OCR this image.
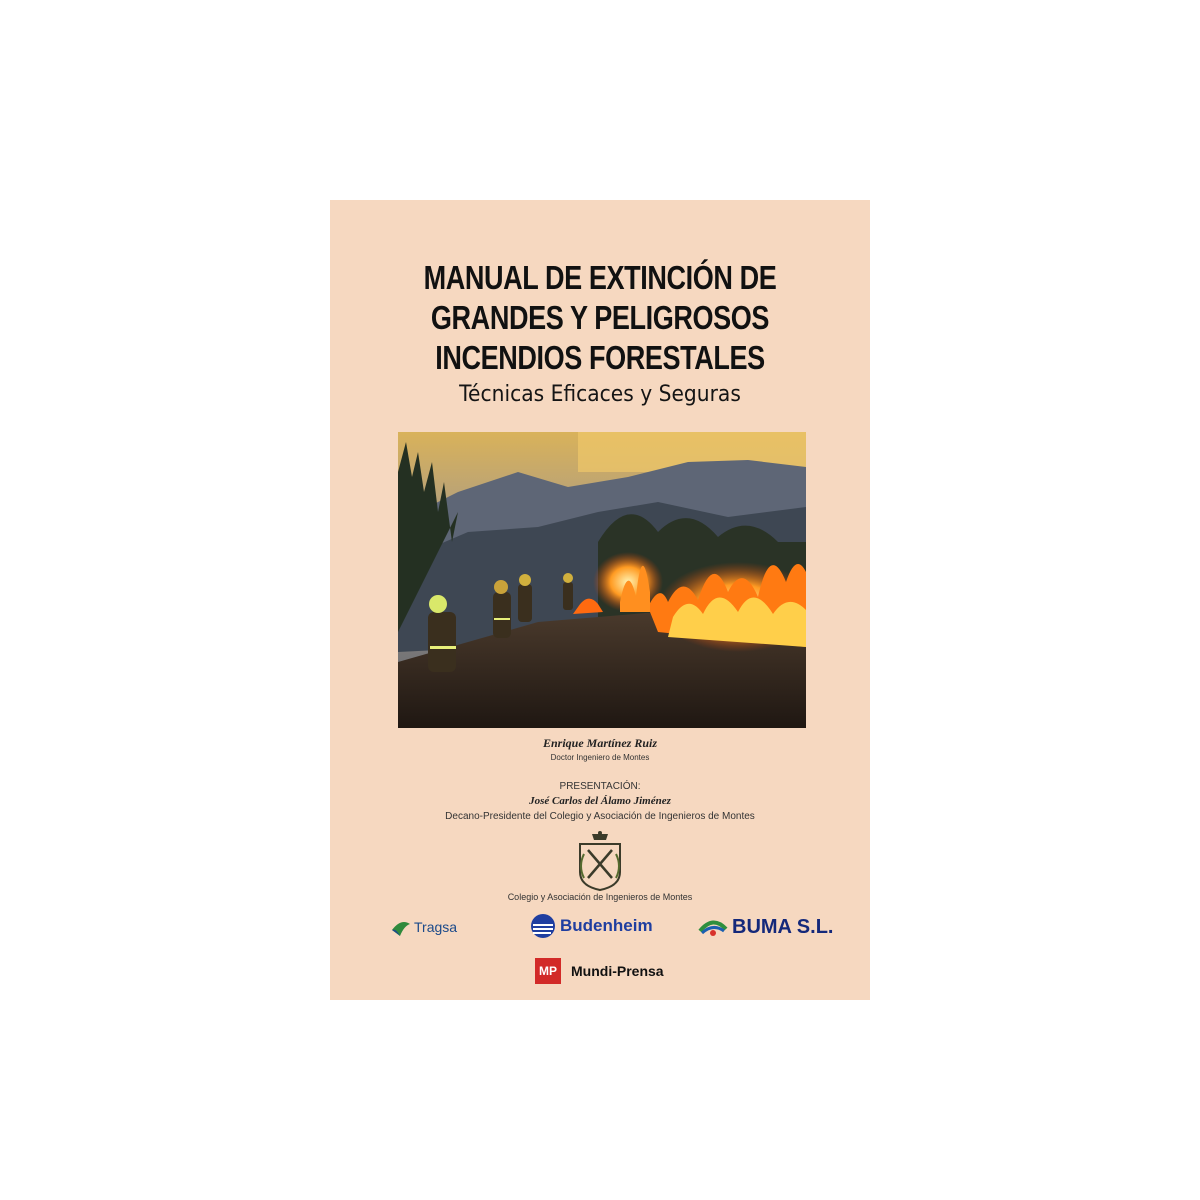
MANUAL DE EXTINCIÓN DE
GRANDES Y PELIGROSOS
INCENDIOS FORESTALES
Técnicas Eficaces y Seguras
Enrique Martínez Ruiz
Doctor Ingeniero de Montes
PRESENTACIÓN:
José Carlos del Álamo Jiménez
Decano-Presidente del Colegio y Asociación de Ingenieros de Montes
Colegio y Asociación de Ingenieros de Montes
Tragsa	Budenheim	BUMA S.L.
MP Mundi-Prensa
